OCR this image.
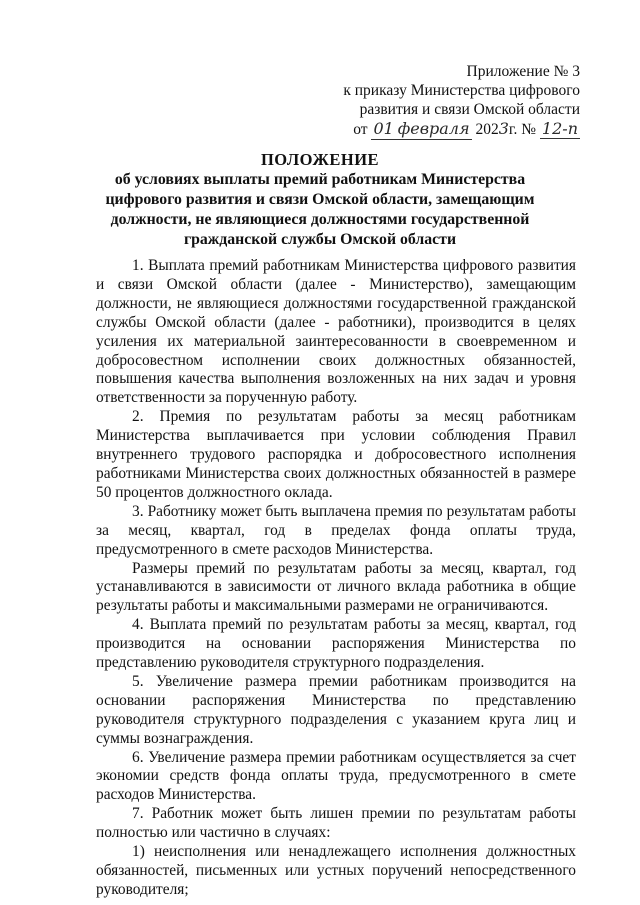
Приложение № 3
к приказу Министерства цифрового
развития и связи Омской области
от 01 февраля 2023г. № 12-п
ПОЛОЖЕНИЕ
об условиях выплаты премий работникам Министерства
цифрового развития и связи Омской области, замещающим
должности, не являющиеся должностями государственной
гражданской службы Омской области

1. Выплата премий работникам Министерства цифрового развития и связи Омской области (далее - Министерство), замещающим должности, не являющиеся должностями государственной гражданской службы Омской области (далее - работники), производится в целях усиления их материальной заинтересованности в своевременном и добросовестном исполнении своих должностных обязанностей, повышения качества выполнения возложенных на них задач и уровня ответственности за порученную работу.

2. Премия по результатам работы за месяц работникам Министерства выплачивается при условии соблюдения Правил внутреннего трудового распорядка и добросовестного исполнения работниками Министерства своих должностных обязанностей в размере 50 процентов должностного оклада.

3. Работнику может быть выплачена премия по результатам работы за месяц, квартал, год в пределах фонда оплаты труда, предусмотренного в смете расходов Министерства.

Размеры премий по результатам работы за месяц, квартал, год устанавливаются в зависимости от личного вклада работника в общие результаты работы и максимальными размерами не ограничиваются.

4. Выплата премий по результатам работы за месяц, квартал, год производится на основании распоряжения Министерства по представлению руководителя структурного подразделения.

5. Увеличение размера премии работникам производится на основании распоряжения Министерства по представлению руководителя структурного подразделения с указанием круга лиц и суммы вознаграждения.

6. Увеличение размера премии работникам осуществляется за счет экономии средств фонда оплаты труда, предусмотренного в смете расходов Министерства.

7. Работник может быть лишен премии по результатам работы полностью или частично в случаях:

1) неисполнения или ненадлежащего исполнения должностных обязанностей, письменных или устных поручений непосредственного руководителя;
